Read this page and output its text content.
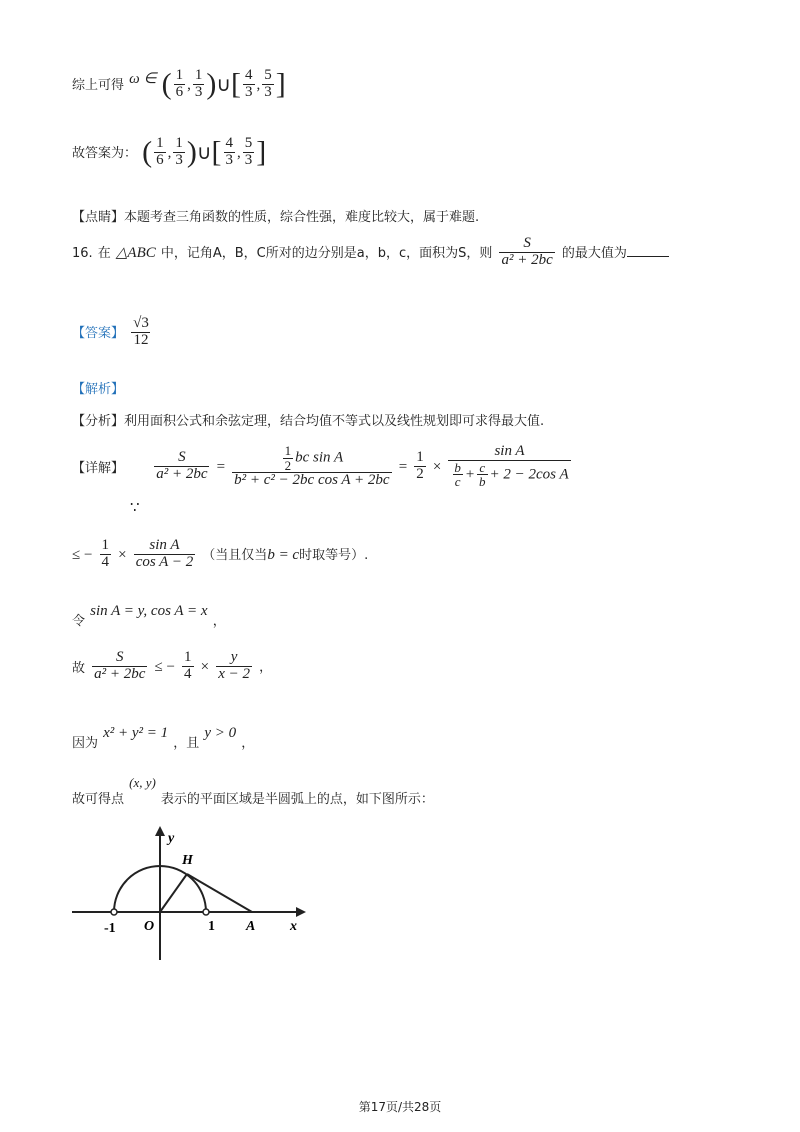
综上可得 ω ∈ ( $\frac{1}{6}$ , $\frac{1}{3}$ )∪[ $\frac{4}{3}$ , $\frac{5}{3}$ ]
故答案为： ( $\frac{1}{6}$ , $\frac{1}{3}$ )∪[ $\frac{4}{3}$ , $\frac{5}{3}$ ]
【点睛】本题考查三角函数的性质，综合性强，难度比较大，属于难题.
16. 在 △ABC 中，记角A，B，C所对的边分别是a，b，c，面积为S，则 $\frac{S}{\text{a² + 2bc}}$ 的最大值为
【答案】 $\frac{√3}{12}$
【解析】
【分析】利用面积公式和余弦定理，结合均值不等式以及线性规划即可求得最大值.
【详解】 $\frac{S}{\text{a² + 2bc}} = \frac{\frac{1}{2} bc \sin A}{\text{b² + c² − 2bc cos A + 2bc}} = \frac{1}{2} \times \frac{\text{sin A}}{\frac{b}{c} + \frac{c}{b} + 2 - 2\cos A}$
∵
≤ − $\frac{1}{4} \times \frac{\text{sin A}}{\text{cos A − 2}}$ （当且仅当b = c时取等号）.
$_令$ sin A = y, cos A = x $_,$
故 $\frac{S}{\text{a² + 2bc}}$ ≤ − $\frac{1}{4} \times \frac{y}{x - 2}$ ，
$_{因为}$ x² + y² = 1 $_{,且}$ y > 0 $_,$
$_{故可得点}$ (x, y) $_{表示的平面区域是半圆弧上的点,如下图所示:}$
y
x
H
O
-1	1 A
第17页/共28页
